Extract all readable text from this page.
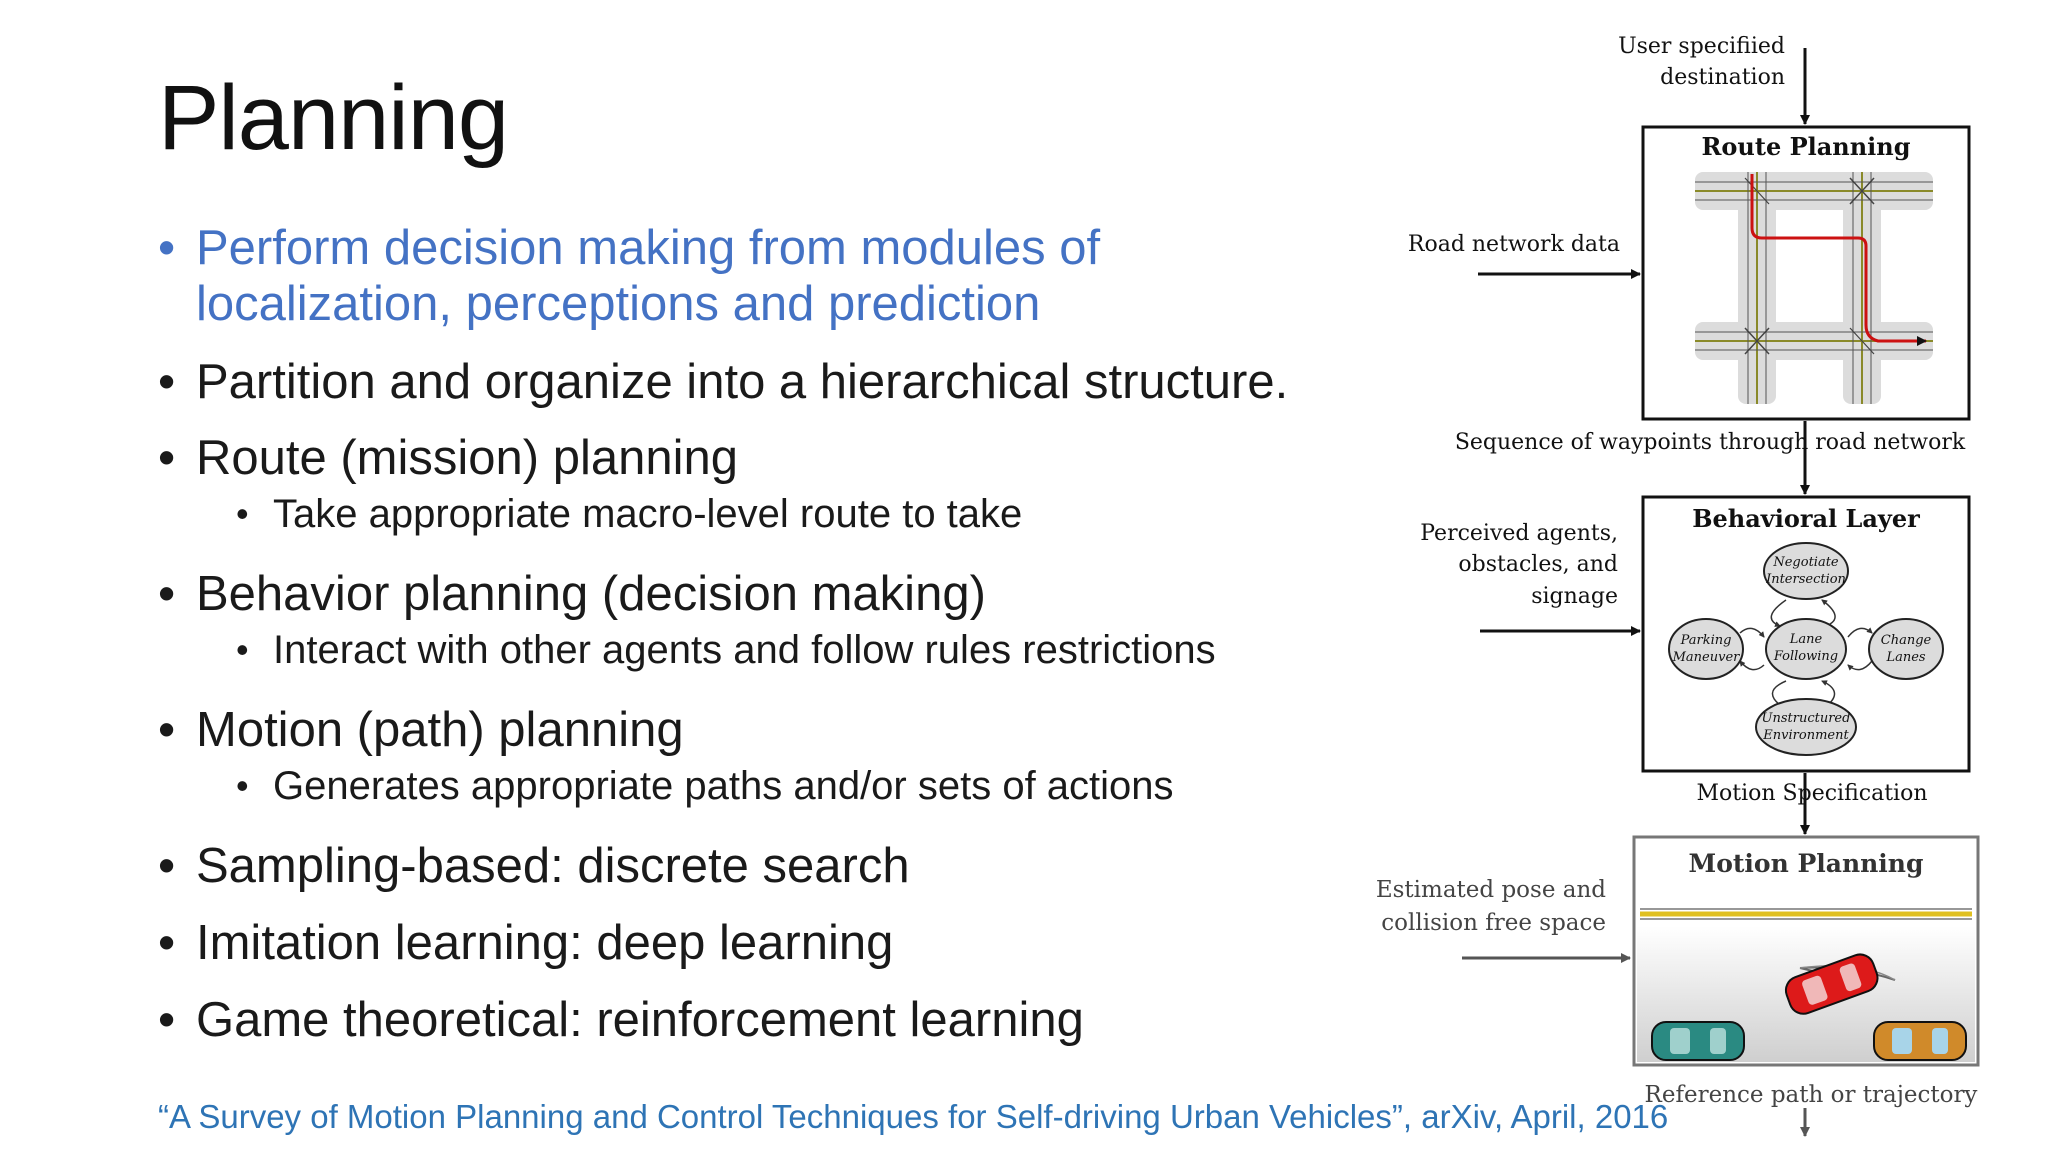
Planning
• Perform decision making from modules of localization, perceptions and prediction
• Partition and organize into a hierarchical structure.
• Route (mission) planning
• Take appropriate macro-level route to take
• Behavior planning (decision making)
• Interact with other agents and follow rules restrictions
• Motion (path) planning
• Generates appropriate paths and/or sets of actions
• Sampling-based: discrete search
• Imitation learning: deep learning
• Game theoretical: reinforcement learning
“A Survey of Motion Planning and Control Techniques for Self-driving Urban Vehicles”, arXiv, April, 2016
User specifiied
destination
Route Planning
Road network data
Sequence of waypoints through road network
Behavioral Layer
Negotiate
Intersection
Parking
Maneuver
Lane
Following
Change
Lanes
Unstructured
Environment
Perceived agents,
obstacles, and
signage
Motion Specification
Motion Planning
Estimated pose and
collision free space
Reference path or trajectory
